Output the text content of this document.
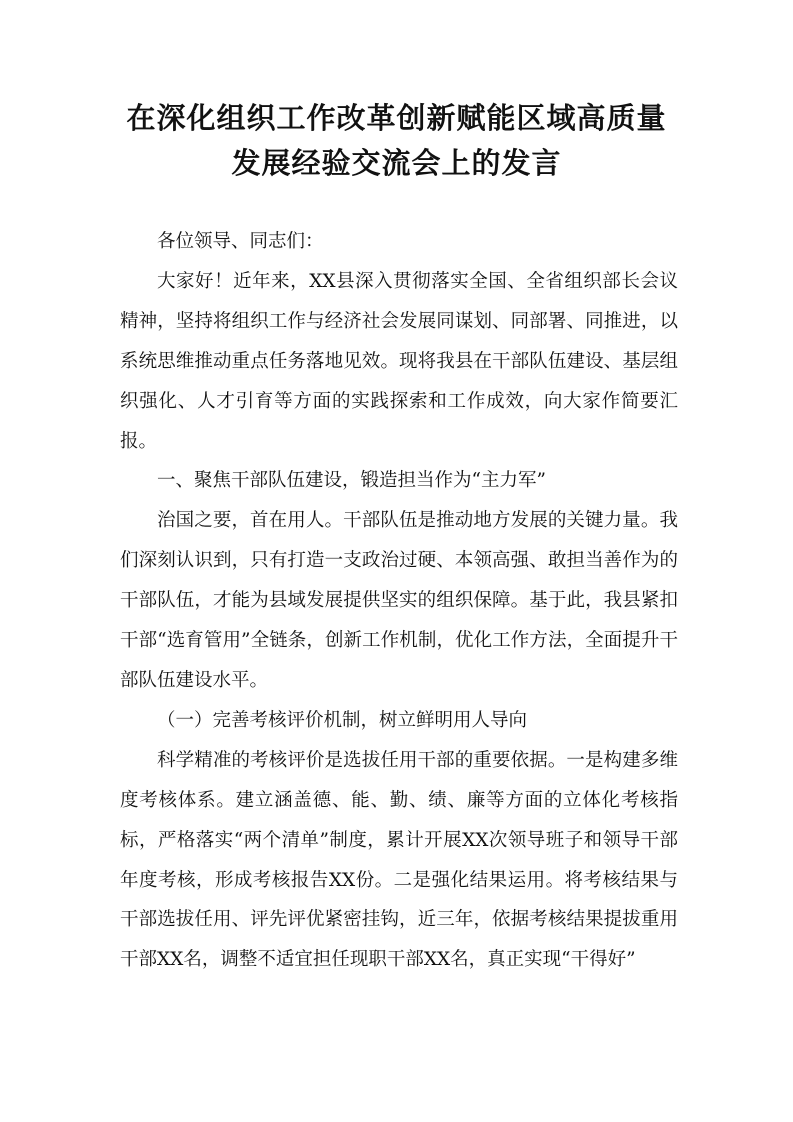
在深化组织工作改革创新赋能区域高质量
发展经验交流会上的发言

各位领导、同志们：

大家好！近年来，XX县深入贯彻落实全国、全省组织部长会议精神，坚持将组织工作与经济社会发展同谋划、同部署、同推进，以系统思维推动重点任务落地见效。现将我县在干部队伍建设、基层组织强化、人才引育等方面的实践探索和工作成效，向大家作简要汇报。

一、聚焦干部队伍建设，锻造担当作为“主力军”

治国之要，首在用人。干部队伍是推动地方发展的关键力量。我们深刻认识到，只有打造一支政治过硬、本领高强、敢担当善作为的干部队伍，才能为县域发展提供坚实的组织保障。基于此，我县紧扣干部“选育管用”全链条，创新工作机制，优化工作方法，全面提升干部队伍建设水平。

（一）完善考核评价机制，树立鲜明用人导向

科学精准的考核评价是选拔任用干部的重要依据。一是构建多维度考核体系。建立涵盖德、能、勤、绩、廉等方面的立体化考核指标，严格落实“两个清单”制度，累计开展XX次领导班子和领导干部年度考核，形成考核报告XX份。二是强化结果运用。将考核结果与干部选拔任用、评先评优紧密挂钩，近三年，依据考核结果提拔重用干部XX名，调整不适宜担任现职干部XX名，真正实现“干得好”
